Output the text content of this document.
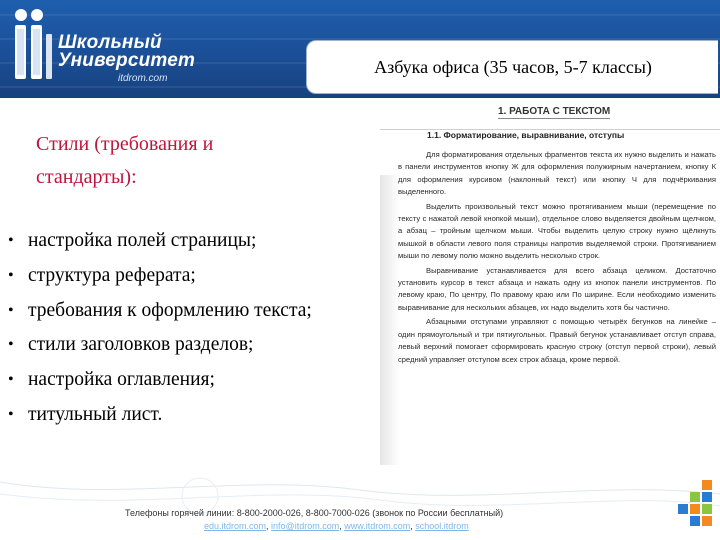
Школьный
Университет
itdrom.com
Азбука офиса (35 часов, 5-7 классы)
Стили (требования и
стандарты):
• настройка полей страницы;
• структура реферата;
• требования к оформлению текста;
• стили заголовков разделов;
• настройка оглавления;
• титульный лист.
1. РАБОТА С ТЕКСТОМ
1.1. Форматирование, выравнивание, отступы

Для форматирования отдельных фрагментов текста их нужно выделить и нажать в панели инструментов кнопку Ж для оформления полужирным начертанием, кнопку К для оформления курсивом (наклонный текст) или кнопку Ч для подчёркивания выделенного.

Выделить произвольный текст можно протягиванием мыши (перемещение по тексту с нажатой левой кнопкой мыши), отдельное слово выделяется двойным щелчком, а абзац – тройным щелчком мыши. Чтобы выделить целую строку нужно щёлкнуть мышкой в области левого поля страницы напротив выделяемой строки. Протягиванием мыши по левому полю можно выделить несколько строк.

Выравнивание устанавливается для всего абзаца целиком. Достаточно установить курсор в текст абзаца и нажать одну из кнопок панели инструментов. По левому краю, По центру, По правому краю или По ширине. Если необходимо изменить выравнивание для нескольких абзацев, их надо выделить хотя бы частично.

Абзацными отступами управляют с помощью четырёх бегунков на линейке – один прямоугольный и три пятиугольных. Правый бегунок устанавливает отступ справа, левый верхний помогает сформировать красную строку (отступ первой строки), левый средний управляет отступом всех строк абзаца, кроме первой.

Телефоны горячей линии: 8-800-2000-026, 8-800-7000-026 (звонок по России бесплатный)
edu.itdrom.com, info@itdrom.com, www.itdrom.com, school.itdrom
